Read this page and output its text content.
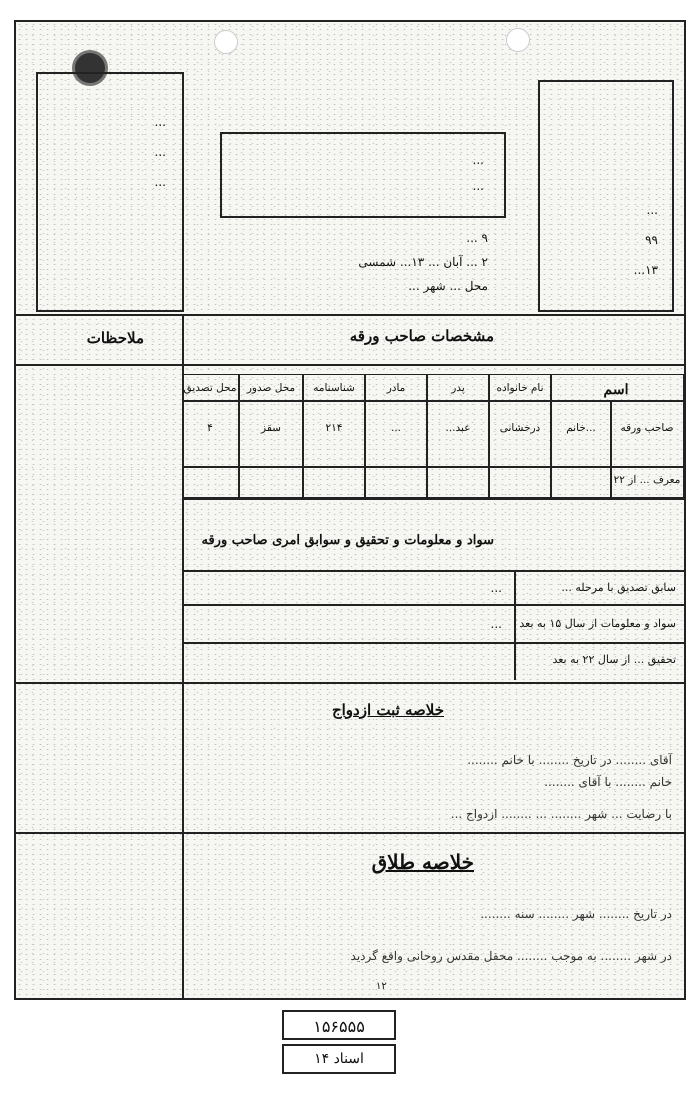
...
...
...
...
...
۹ ...
۲ ... آبان ... ۱۳... شمسی
محل ... شهر ...
...
۹۹
۱۳...
ملاحظات	مشخصات صاحب ورقه
اسم
نام خانواده
پدر
مادر
شناسنامه
محل صدور
محل تصدیق
صاحب ورقه
...خانم
درخشانی
عبد...
...
۲۱۴
سقز
۴
معرف ... از ۲۲
سواد و معلومات و تحقیق و سوابق امری صاحب ورقه
سابق تصدیق با مرحله ...
...
سواد و معلومات از سال ۱۵ به بعد
...
تحقیق ... از سال ۲۲ به بعد
خلاصه ثبت ازدواج
آقای ........ در تاریخ ........ با خانم ........
خانم ........ با آقای ........
با رضایت ... شهر ........ ... ........ ازدواج ...
خلاصه طلاق
در تاریخ ........ شهر ........ سنه ........
در شهر ........ به موجب ........ محفل مقدس روحانی واقع گردید
۱۲
۱۵۶۵۵۵
اسناد ۱۴
